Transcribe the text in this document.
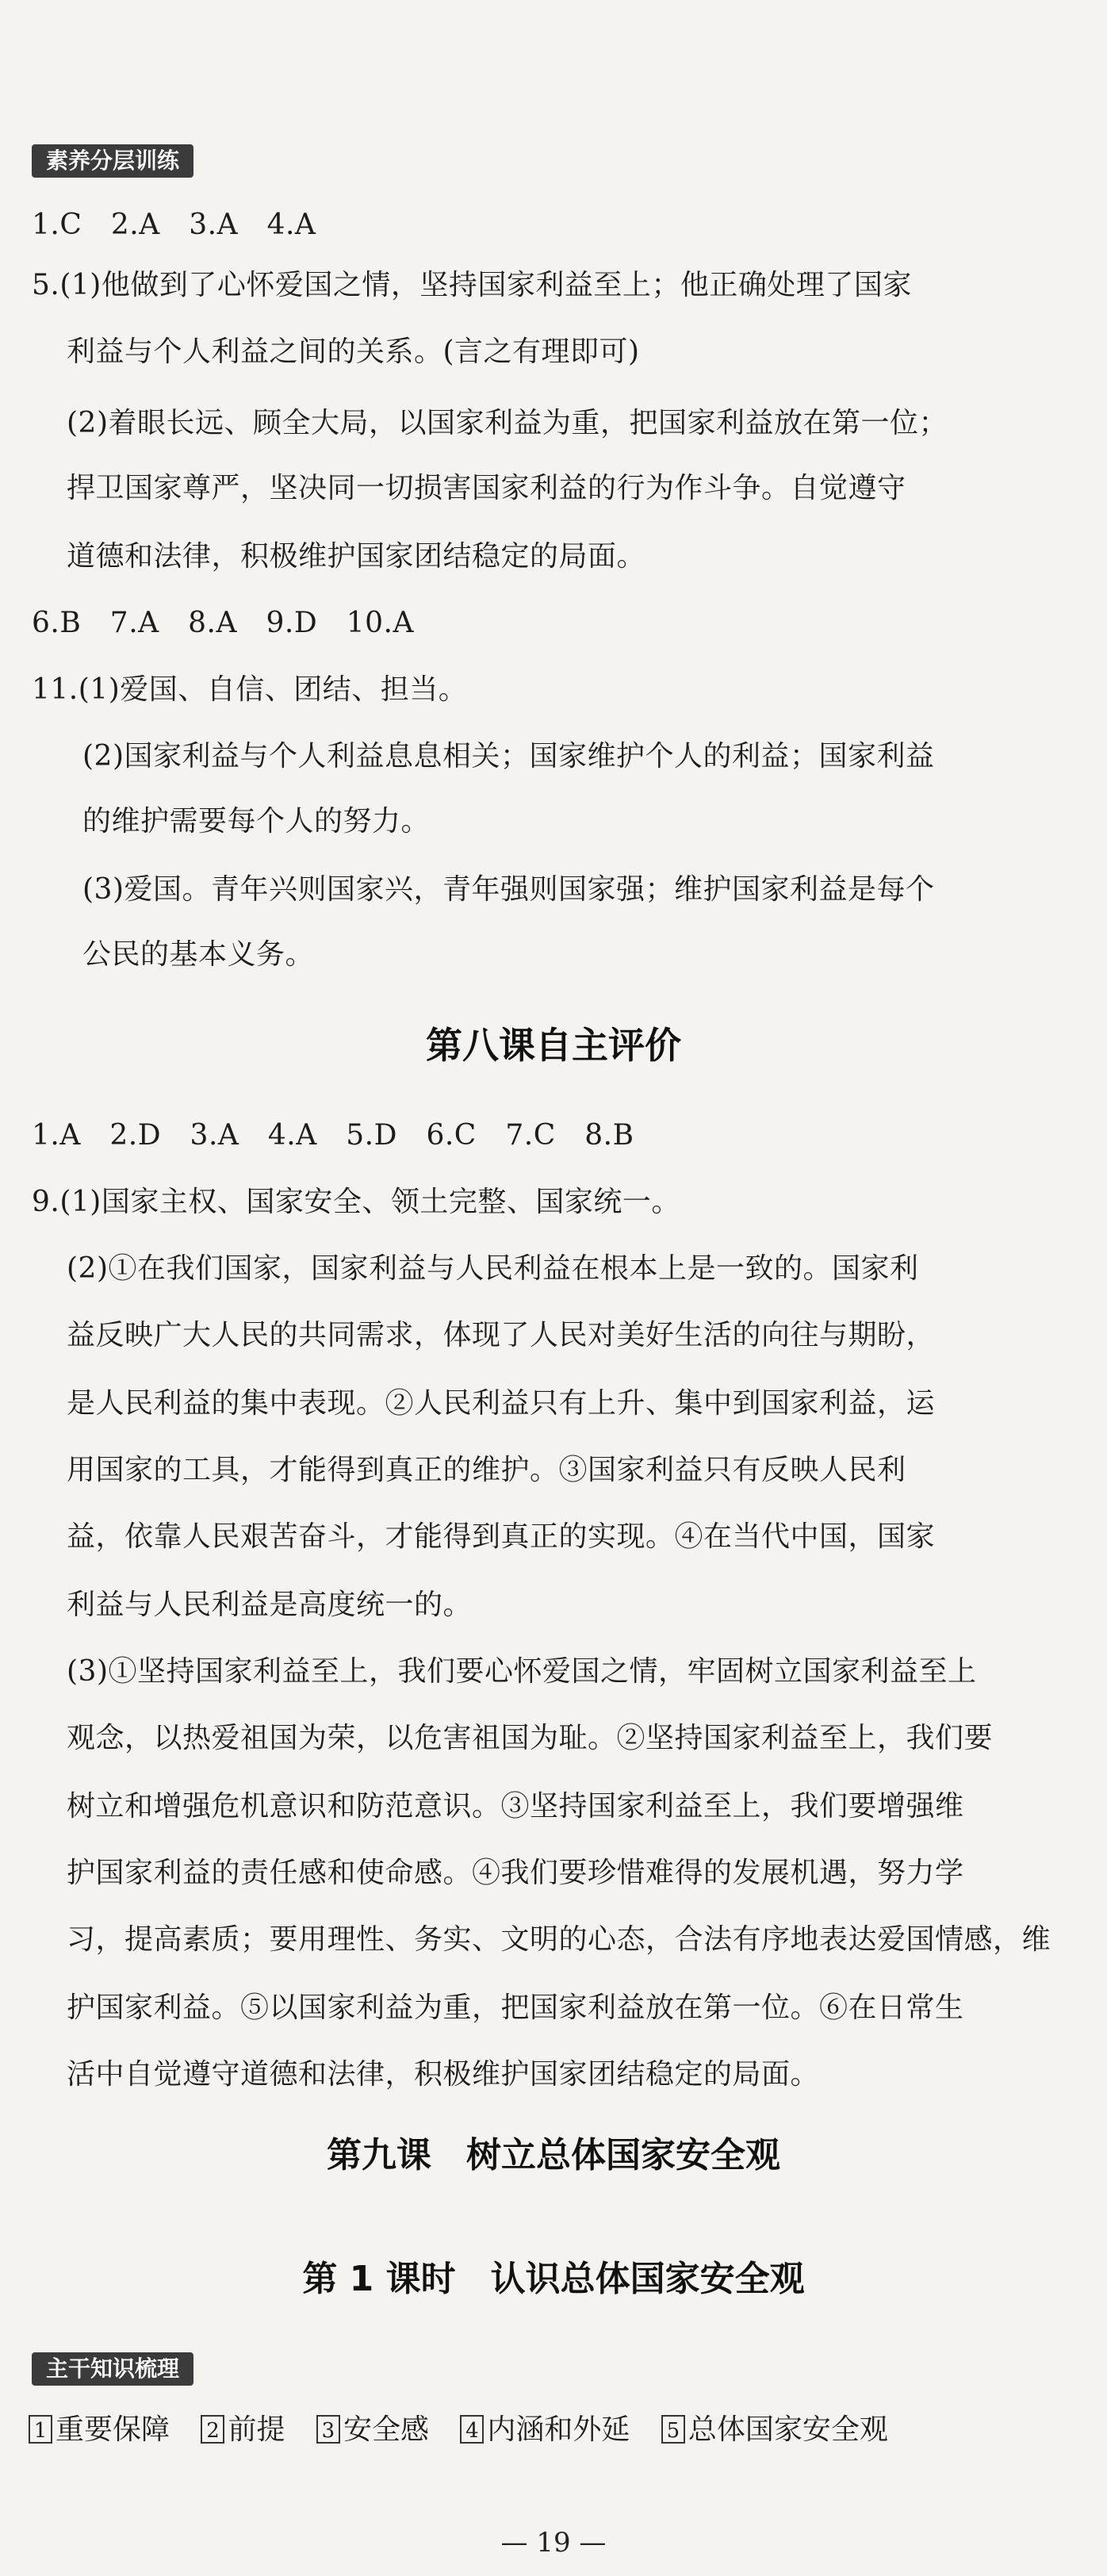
素养分层训练
1.C　2.A　3.A　4.A
5.(1)他做到了心怀爱国之情，坚持国家利益至上；他正确处理了国家
利益与个人利益之间的关系。(言之有理即可)
(2)着眼长远、顾全大局，以国家利益为重，把国家利益放在第一位；
捍卫国家尊严，坚决同一切损害国家利益的行为作斗争。自觉遵守
道德和法律，积极维护国家团结稳定的局面。
6.B　7.A　8.A　9.D　10.A
11.(1)爱国、自信、团结、担当。
(2)国家利益与个人利益息息相关；国家维护个人的利益；国家利益
的维护需要每个人的努力。
(3)爱国。青年兴则国家兴，青年强则国家强；维护国家利益是每个
公民的基本义务。
第八课自主评价
1.A　2.D　3.A　4.A　5.D　6.C　7.C　8.B
9.(1)国家主权、国家安全、领土完整、国家统一。
(2)①在我们国家，国家利益与人民利益在根本上是一致的。国家利
益反映广大人民的共同需求，体现了人民对美好生活的向往与期盼，
是人民利益的集中表现。②人民利益只有上升、集中到国家利益，运
用国家的工具，才能得到真正的维护。③国家利益只有反映人民利
益，依靠人民艰苦奋斗，才能得到真正的实现。④在当代中国，国家
利益与人民利益是高度统一的。
(3)①坚持国家利益至上，我们要心怀爱国之情，牢固树立国家利益至上
观念，以热爱祖国为荣，以危害祖国为耻。②坚持国家利益至上，我们要
树立和增强危机意识和防范意识。③坚持国家利益至上，我们要增强维
护国家利益的责任感和使命感。④我们要珍惜难得的发展机遇，努力学
习，提高素质；要用理性、务实、文明的心态，合法有序地表达爱国情感，维
护国家利益。⑤以国家利益为重，把国家利益放在第一位。⑥在日常生
活中自觉遵守道德和法律，积极维护国家团结稳定的局面。
第九课　树立总体国家安全观
第 1 课时　认识总体国家安全观
主干知识梳理
1 重要保障 2 前提 3 安全感 4 内涵和外延 5 总体国家安全观
— 19 —
